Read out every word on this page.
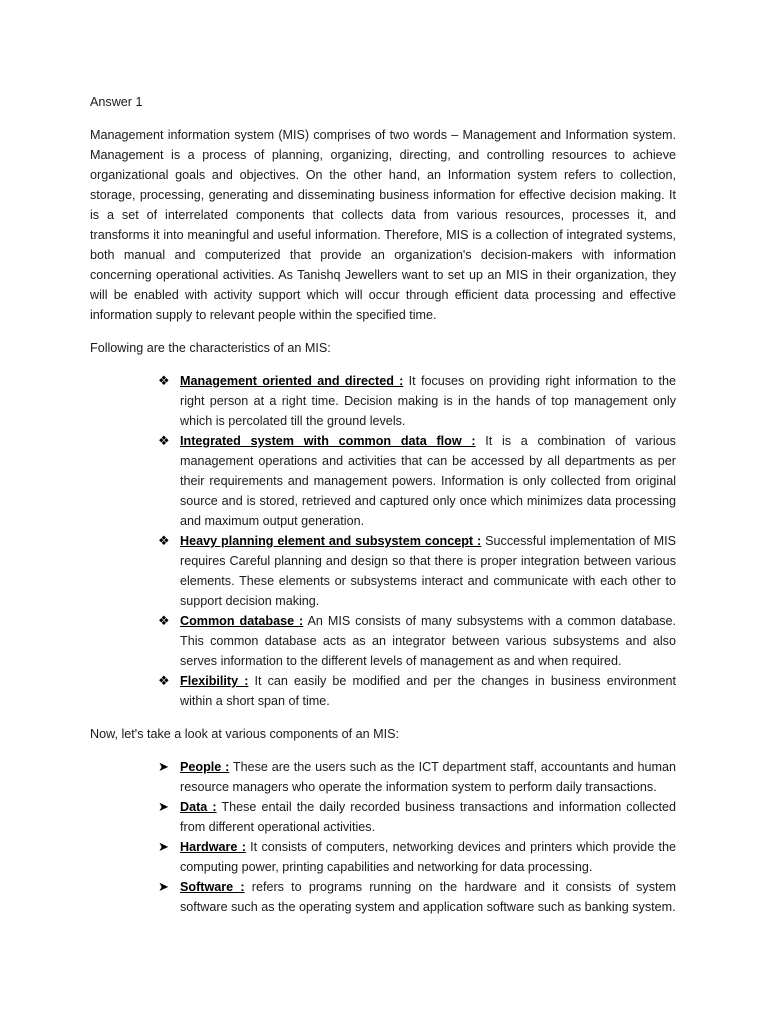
Answer 1

Management information system (MIS) comprises of two words – Management and Information system. Management is a process of planning, organizing, directing, and controlling resources to achieve organizational goals and objectives. On the other hand, an Information system refers to collection, storage, processing, generating and disseminating business information for effective decision making. It is a set of interrelated components that collects data from various resources, processes it, and transforms it into meaningful and useful information. Therefore, MIS is a collection of integrated systems, both manual and computerized that provide an organization's decision-makers with information concerning operational activities. As Tanishq Jewellers want to set up an MIS in their organization, they will be enabled with activity support which will occur through efficient data processing and effective information supply to relevant people within the specified time.

Following are the characteristics of an MIS:

❖ Management oriented and directed : It focuses on providing right information to the right person at a right time. Decision making is in the hands of top management only which is percolated till the ground levels.
❖ Integrated system with common data flow : It is a combination of various management operations and activities that can be accessed by all departments as per their requirements and management powers. Information is only collected from original source and is stored, retrieved and captured only once which minimizes data processing and maximum output generation.
❖ Heavy planning element and subsystem concept : Successful implementation of MIS requires Careful planning and design so that there is proper integration between various elements. These elements or subsystems interact and communicate with each other to support decision making.
❖ Common database : An MIS consists of many subsystems with a common database. This common database acts as an integrator between various subsystems and also serves information to the different levels of management as and when required.
❖ Flexibility : It can easily be modified and per the changes in business environment within a short span of time.

Now, let's take a look at various components of an MIS:

➤ People : These are the users such as the ICT department staff, accountants and human resource managers who operate the information system to perform daily transactions.
➤ Data : These entail the daily recorded business transactions and information collected from different operational activities.
➤ Hardware : It consists of computers, networking devices and printers which provide the computing power, printing capabilities and networking for data processing.
➤ Software : refers to programs running on the hardware and it consists of system software such as the operating system and application software such as banking system.
